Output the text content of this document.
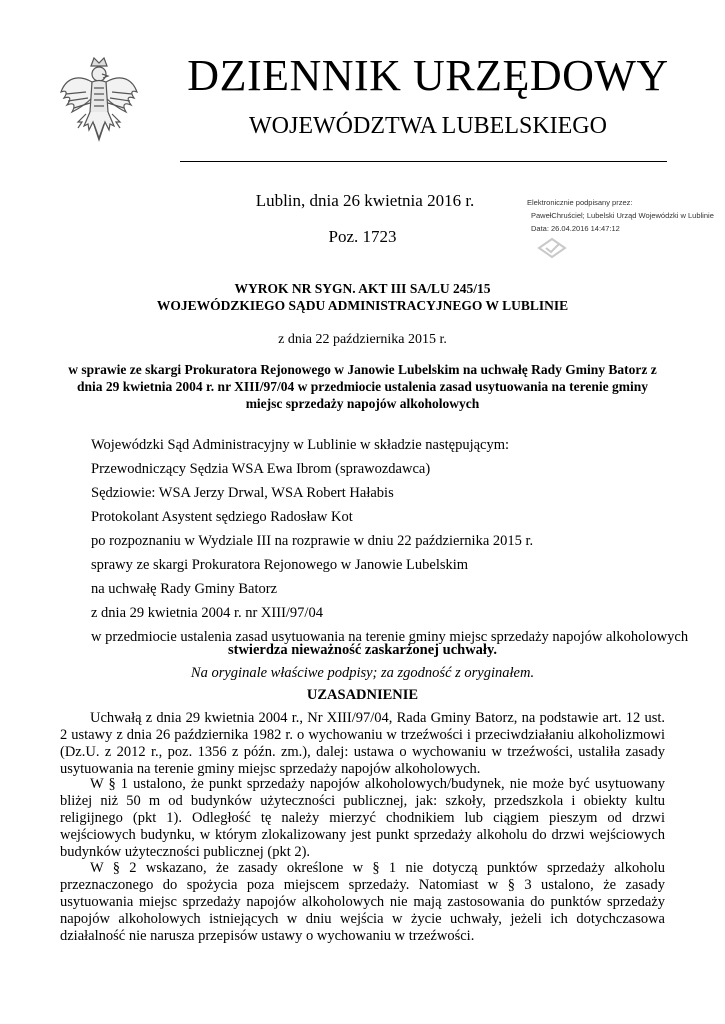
DZIENNIK URZĘDOWY
WOJEWÓDZTWA LUBELSKIEGO
Lublin, dnia 26 kwietnia 2016 r.
Poz. 1723
Elektronicznie podpisany przez:
PawełChruściel; Lubelski Urząd Wojewódzki w Lublinie
Data: 26.04.2016 14:47:12
WYROK NR SYGN. AKT III SA/LU 245/15
WOJEWÓDZKIEGO SĄDU ADMINISTRACYJNEGO W LUBLINIE
z dnia 22 października 2015 r.
w sprawie ze skargi Prokuratora Rejonowego w Janowie Lubelskim na uchwałę Rady Gminy Batorz z
dnia 29 kwietnia 2004 r. nr XIII/97/04 w przedmiocie ustalenia zasad usytuowania na terenie gminy
miejsc sprzedaży napojów alkoholowych
Wojewódzki Sąd Administracyjny w Lublinie w składzie następującym:
Przewodniczący Sędzia WSA Ewa Ibrom (sprawozdawca)
Sędziowie: WSA Jerzy Drwal, WSA Robert Hałabis
Protokolant Asystent sędziego Radosław Kot
po rozpoznaniu w Wydziale III na rozprawie w dniu 22 października 2015 r.
sprawy ze skargi Prokuratora Rejonowego w Janowie Lubelskim
na uchwałę Rady Gminy Batorz
z dnia 29 kwietnia 2004 r. nr XIII/97/04
w przedmiocie ustalenia zasad usytuowania na terenie gminy miejsc sprzedaży napojów alkoholowych
stwierdza nieważność zaskarżonej uchwały.
Na oryginale właściwe podpisy; za zgodność z oryginałem.
UZASADNIENIE
Uchwałą z dnia 29 kwietnia 2004 r., Nr XIII/97/04, Rada Gminy Batorz, na podstawie art. 12 ust. 2 ustawy z dnia 26 października 1982 r. o wychowaniu w trzeźwości i przeciwdziałaniu alkoholizmowi (Dz.U. z 2012 r., poz. 1356 z późn. zm.), dalej: ustawa o wychowaniu w trzeźwości, ustaliła zasady usytuowania na terenie gminy miejsc sprzedaży napojów alkoholowych.
W § 1 ustalono, że punkt sprzedaży napojów alkoholowych/budynek, nie może być usytuowany bliżej niż 50 m od budynków użyteczności publicznej, jak: szkoły, przedszkola i obiekty kultu religijnego (pkt 1). Odległość tę należy mierzyć chodnikiem lub ciągiem pieszym od drzwi wejściowych budynku, w którym zlokalizowany jest punkt sprzedaży alkoholu do drzwi wejściowych budynków użyteczności publicznej (pkt 2).
W § 2 wskazano, że zasady określone w § 1 nie dotyczą punktów sprzedaży alkoholu przeznaczonego do spożycia poza miejscem sprzedaży. Natomiast w § 3 ustalono, że zasady usytuowania miejsc sprzedaży napojów alkoholowych nie mają zastosowania do punktów sprzedaży napojów alkoholowych istniejących w dniu wejścia w życie uchwały, jeżeli ich dotychczasowa działalność nie narusza przepisów ustawy o wychowaniu w trzeźwości.
